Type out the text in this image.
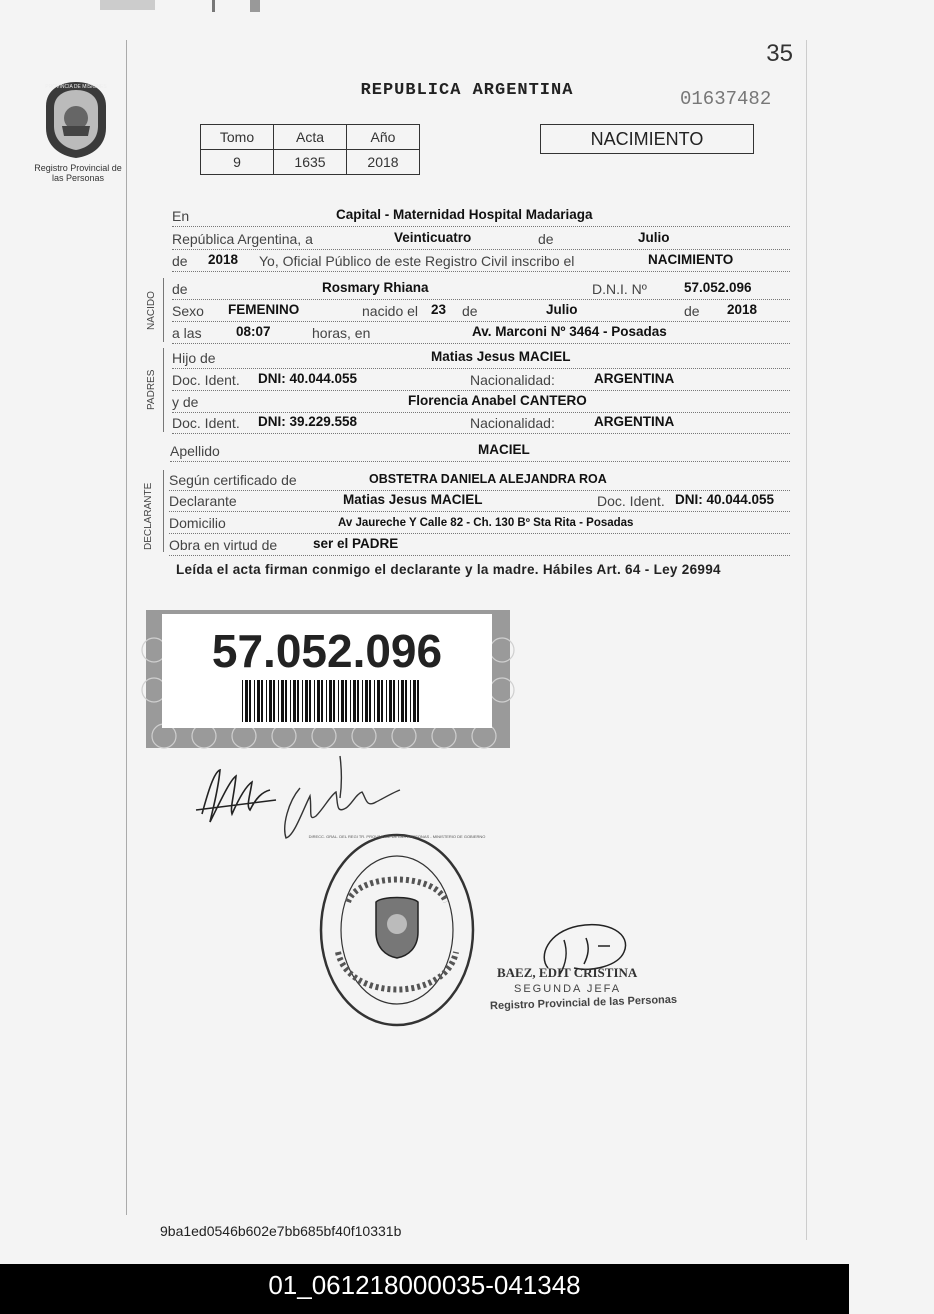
35
PROVINCIA DE MISIONES
Registro Provincial de las Personas
REPUBLICA ARGENTINA	01637482
Tomo	Acta	Año
9	1635	2018
NACIMIENTO
En	Capital - Maternidad Hospital Madariaga
República Argentina, a	Veinticuatro	de	Julio
de 2018 Yo, Oficial Público de este Registro Civil inscribo el	NACIMIENTO
NACIDO
de	Rosmary Rhiana	D.N.I. Nº	57.052.096
Sexo FEMENINO	nacido el 23 de	Julio	de 2018
a las	08:07	horas, en	Av. Marconi Nº 3464 - Posadas
PADRES
Hijo de	Matias Jesus MACIEL
Doc. Ident. DNI: 40.044.055	Nacionalidad:	ARGENTINA
y de	Florencia Anabel CANTERO
Doc. Ident. DNI: 39.229.558	Nacionalidad:	ARGENTINA
Apellido	MACIEL
DECLARANTE
Según certificado de	OBSTETRA DANIELA ALEJANDRA ROA
Declarante	Matias Jesus MACIEL	Doc. Ident. DNI: 40.044.055
Domicilio	Av Jaureche Y Calle 82 - Ch. 130 Bº Sta Rita - Posadas
Obra en virtud de	ser el PADRE
Leída el acta firman conmigo el declarante y la madre. Hábiles Art. 64 - Ley 26994
57.052.096
DIRECC. GRAL. DEL REGI TR. PROVINCIAL DE LAS PERSONAS - MINISTERIO DE GOBIERNO
BAEZ, EDIT CRISTINA
SEGUNDA JEFA
Registro Provincial de las Personas
9ba1ed0546b602e7bb685bf40f10331b
01_061218000035-041348
